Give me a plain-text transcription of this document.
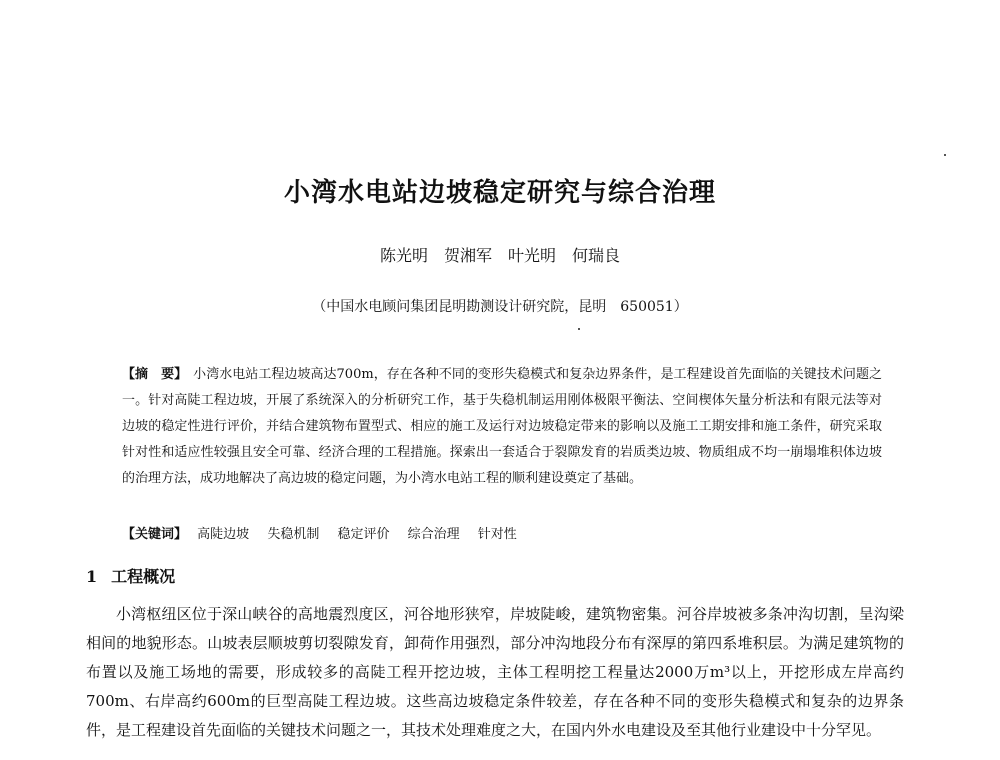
小湾水电站边坡稳定研究与综合治理
陈光明　贺湘军　叶光明　何瑞良
（中国水电顾问集团昆明勘测设计研究院，昆明　650051）
【摘　要】 小湾水电站工程边坡高达700m，存在各种不同的变形失稳模式和复杂边界条件，是工程建设首先面临的关键技术问题之一。针对高陡工程边坡，开展了系统深入的分析研究工作，基于失稳机制运用刚体极限平衡法、空间楔体矢量分析法和有限元法等对边坡的稳定性进行评价，并结合建筑物布置型式、相应的施工及运行对边坡稳定带来的影响以及施工工期安排和施工条件，研究采取针对性和适应性较强且安全可靠、经济合理的工程措施。探索出一套适合于裂隙发育的岩质类边坡、物质组成不均一崩塌堆积体边坡的治理方法，成功地解决了高边坡的稳定问题，为小湾水电站工程的顺利建设奠定了基础。
【关键词】 高陡边坡 失稳机制 稳定评价 综合治理 针对性
1 工程概况
小湾枢纽区位于深山峡谷的高地震烈度区，河谷地形狭窄，岸坡陡峻，建筑物密集。河谷岸坡被多条冲沟切割，呈沟梁相间的地貌形态。山坡表层顺坡剪切裂隙发育，卸荷作用强烈，部分冲沟地段分布有深厚的第四系堆积层。为满足建筑物的布置以及施工场地的需要，形成较多的高陡工程开挖边坡，主体工程明挖工程量达2000万m³以上，开挖形成左岸高约700m、右岸高约600m的巨型高陡工程边坡。这些高边坡稳定条件较差，存在各种不同的变形失稳模式和复杂的边界条件，是工程建设首先面临的关键技术问题之一，其技术处理难度之大，在国内外水电建设及至其他行业建设中十分罕见。
